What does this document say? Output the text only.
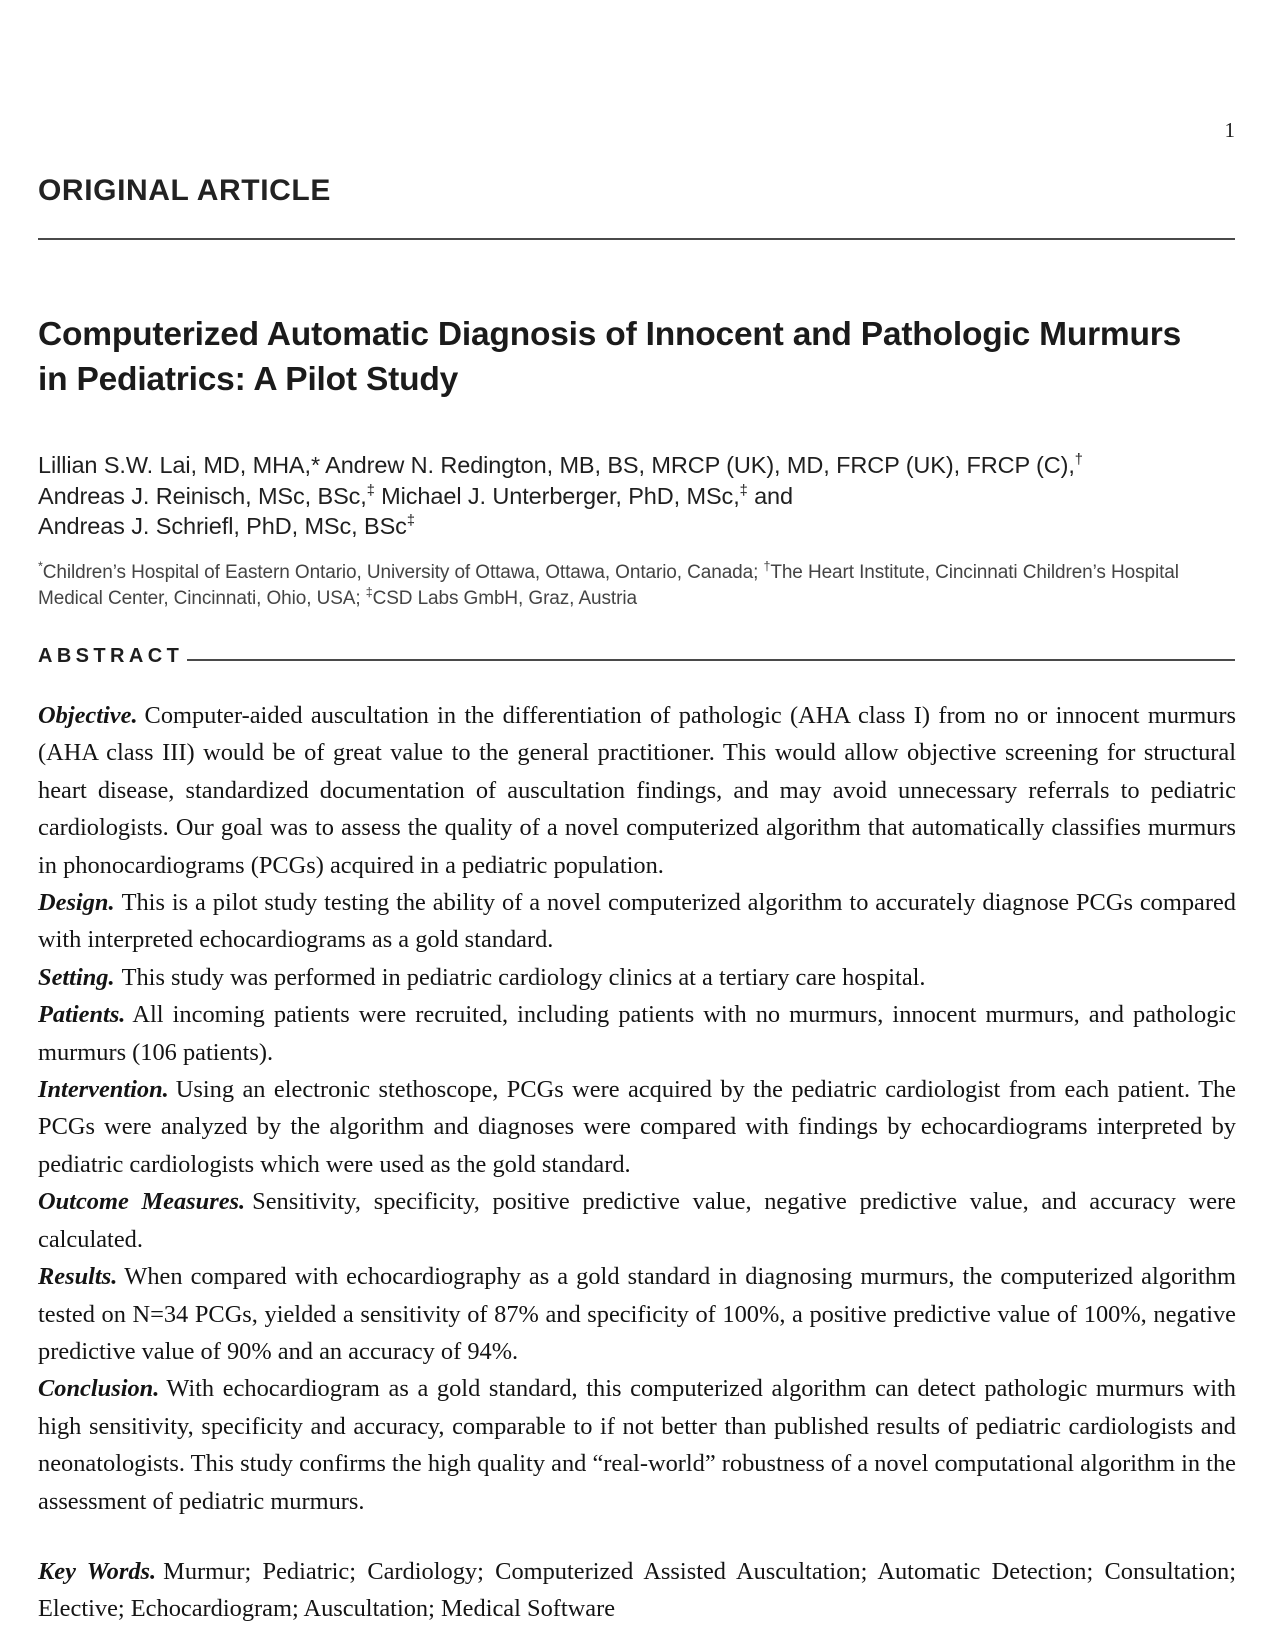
1
ORIGINAL ARTICLE
Computerized Automatic Diagnosis of Innocent and Pathologic Murmurs in Pediatrics: A Pilot Study
Lillian S.W. Lai, MD, MHA,* Andrew N. Redington, MB, BS, MRCP (UK), MD, FRCP (UK), FRCP (C),†
Andreas J. Reinisch, MSc, BSc,‡ Michael J. Unterberger, PhD, MSc,‡ and
Andreas J. Schriefl, PhD, MSc, BSc‡
*Children’s Hospital of Eastern Ontario, University of Ottawa, Ottawa, Ontario, Canada; †The Heart Institute, Cincinnati Children’s Hospital Medical Center, Cincinnati, Ohio, USA; ‡CSD Labs GmbH, Graz, Austria
ABSTRACT

Objective. Computer-aided auscultation in the differentiation of pathologic (AHA class I) from no or innocent murmurs (AHA class III) would be of great value to the general practitioner. This would allow objective screening for structural heart disease, standardized documentation of auscultation findings, and may avoid unnecessary referrals to pediatric cardiologists. Our goal was to assess the quality of a novel computerized algorithm that automatically classifies murmurs in phonocardiograms (PCGs) acquired in a pediatric population.

Design. This is a pilot study testing the ability of a novel computerized algorithm to accurately diagnose PCGs compared with interpreted echocardiograms as a gold standard.

Setting. This study was performed in pediatric cardiology clinics at a tertiary care hospital.

Patients. All incoming patients were recruited, including patients with no murmurs, innocent murmurs, and pathologic murmurs (106 patients).

Intervention. Using an electronic stethoscope, PCGs were acquired by the pediatric cardiologist from each patient. The PCGs were analyzed by the algorithm and diagnoses were compared with findings by echocardiograms interpreted by pediatric cardiologists which were used as the gold standard.

Outcome Measures. Sensitivity, specificity, positive predictive value, negative predictive value, and accuracy were calculated.

Results. When compared with echocardiography as a gold standard in diagnosing murmurs, the computerized algorithm tested on N=34 PCGs, yielded a sensitivity of 87% and specificity of 100%, a positive predictive value of 100%, negative predictive value of 90% and an accuracy of 94%.

Conclusion. With echocardiogram as a gold standard, this computerized algorithm can detect pathologic murmurs with high sensitivity, specificity and accuracy, comparable to if not better than published results of pediatric cardiologists and neonatologists. This study confirms the high quality and “real-world” robustness of a novel computational algorithm in the assessment of pediatric murmurs.

Key Words. Murmur; Pediatric; Cardiology; Computerized Assisted Auscultation; Automatic Detection; Consultation; Elective; Echocardiogram; Auscultation; Medical Software
